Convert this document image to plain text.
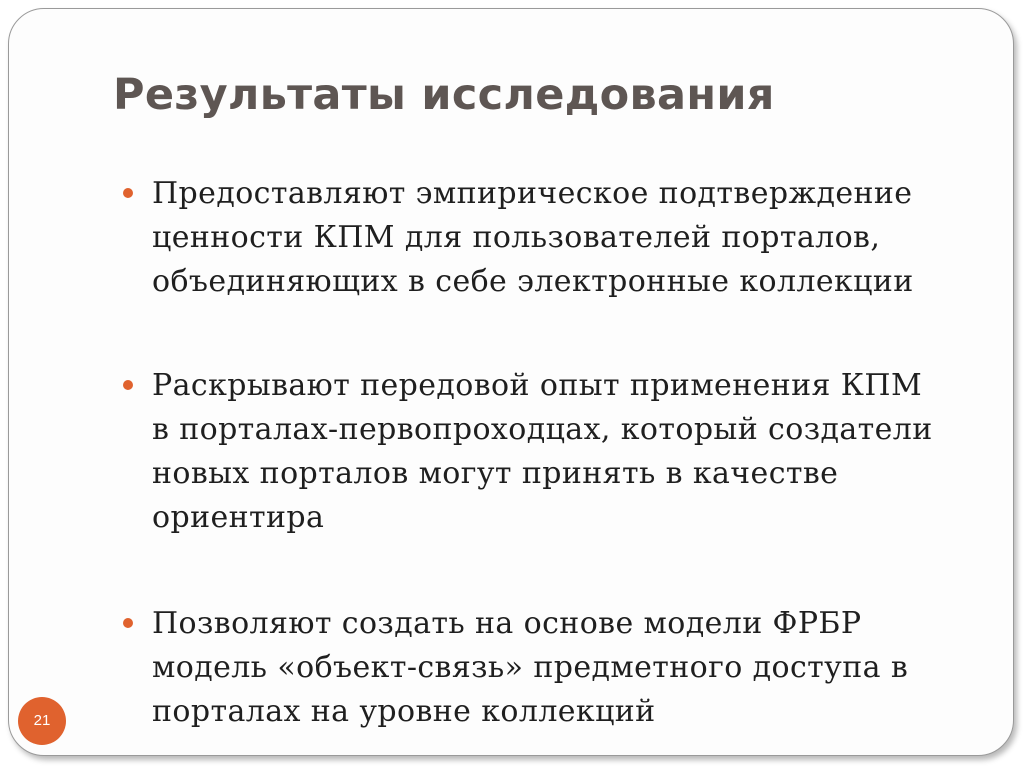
Результаты исследования
Предоставляют эмпирическое подтверждение
ценности КПМ для пользователей порталов,
объединяющих в себе электронные коллекции
Раскрывают передовой опыт применения КПМ
в порталах-первопроходцах, который создатели
новых порталов могут принять в качестве
ориентира
Позволяют создать на основе модели ФРБР
модель «объект-связь» предметного доступа в
порталах на уровне коллекций
21
